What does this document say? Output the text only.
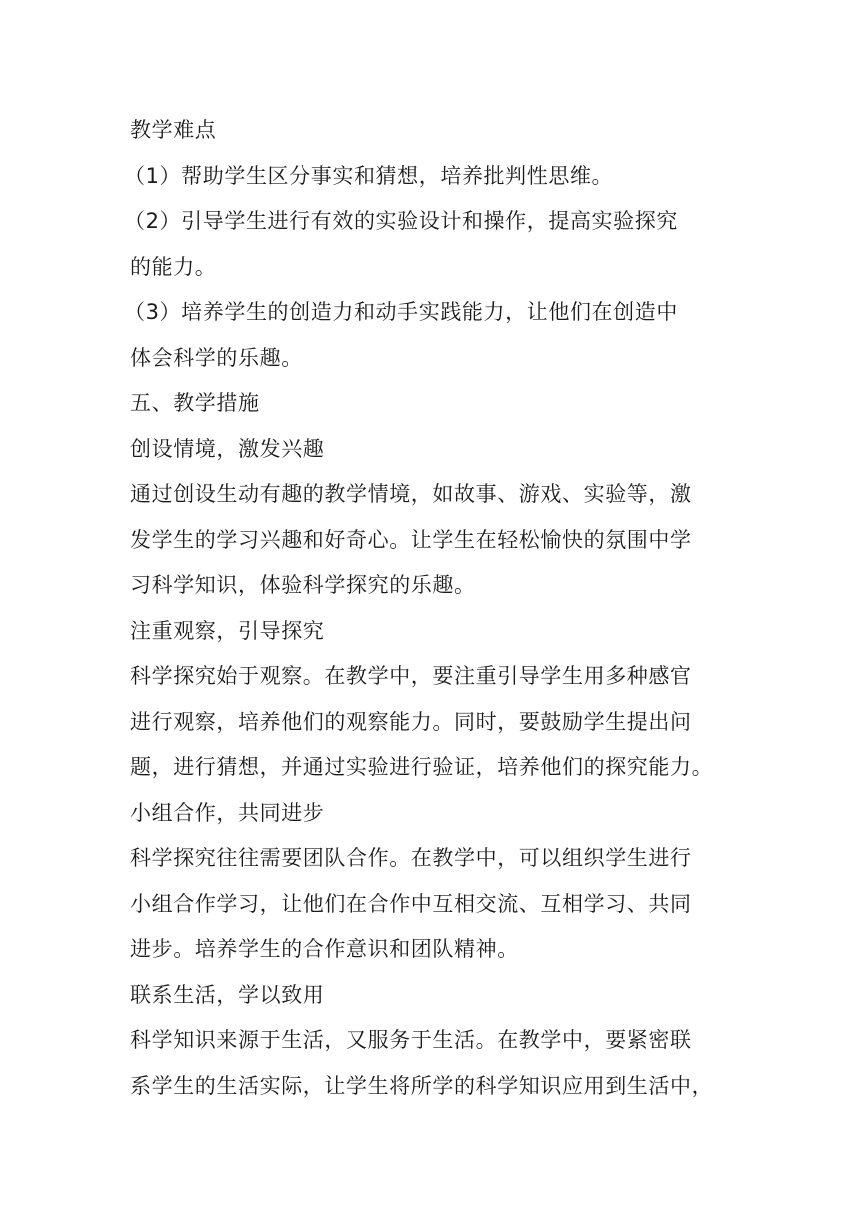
教学难点
（1）帮助学生区分事实和猜想，培养批判性思维。
（2）引导学生进行有效的实验设计和操作，提高实验探究
的能力。
（3）培养学生的创造力和动手实践能力，让他们在创造中
体会科学的乐趣。
五、教学措施
创设情境，激发兴趣
通过创设生动有趣的教学情境，如故事、游戏、实验等，激
发学生的学习兴趣和好奇心。让学生在轻松愉快的氛围中学
习科学知识，体验科学探究的乐趣。
注重观察，引导探究
科学探究始于观察。在教学中，要注重引导学生用多种感官
进行观察，培养他们的观察能力。同时，要鼓励学生提出问
题，进行猜想，并通过实验进行验证，培养他们的探究能力。
小组合作，共同进步
科学探究往往需要团队合作。在教学中，可以组织学生进行
小组合作学习，让他们在合作中互相交流、互相学习、共同
进步。培养学生的合作意识和团队精神。
联系生活，学以致用
科学知识来源于生活，又服务于生活。在教学中，要紧密联
系学生的生活实际，让学生将所学的科学知识应用到生活中，
